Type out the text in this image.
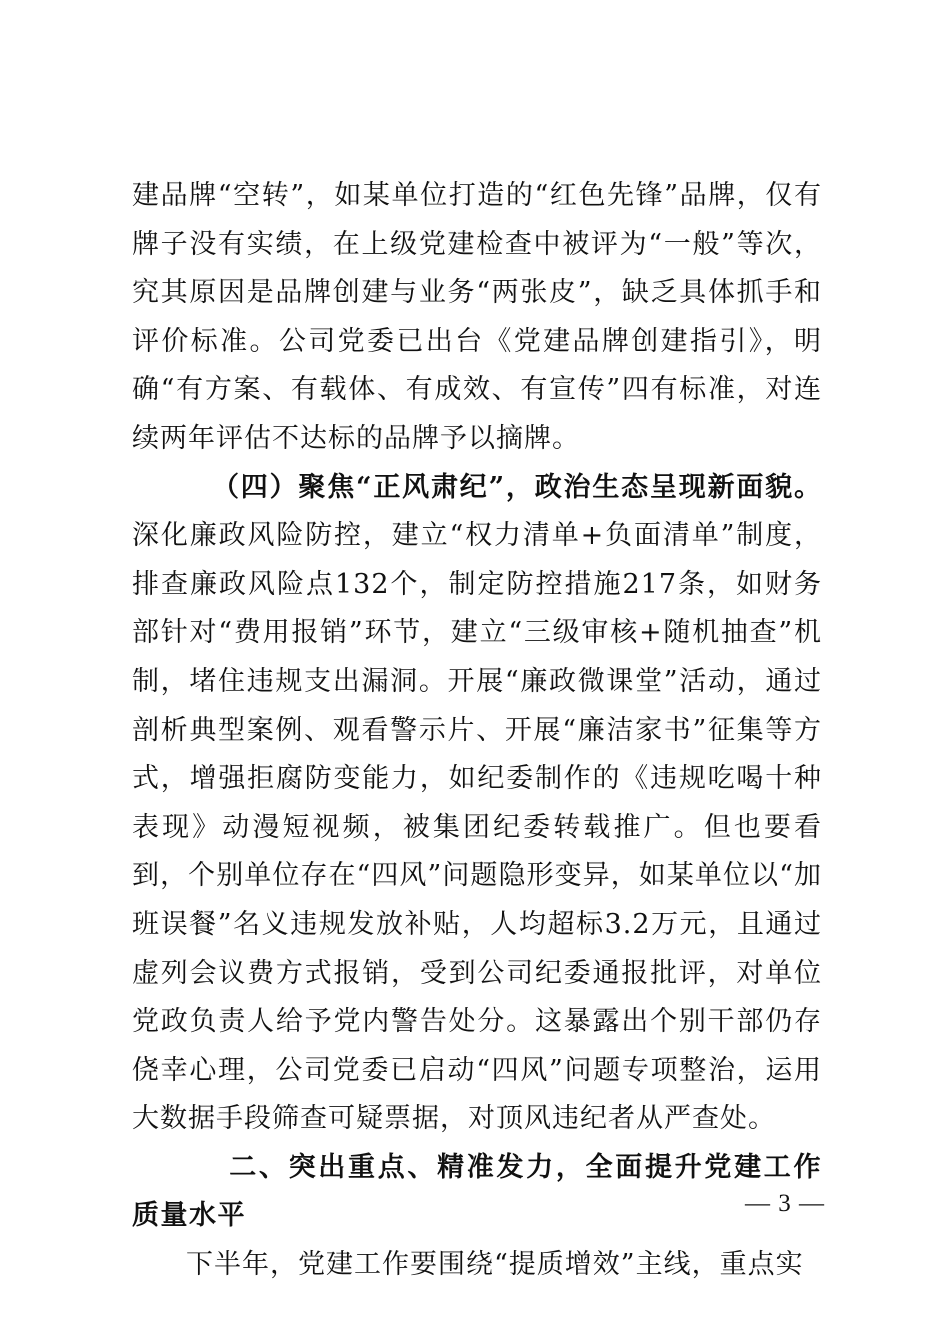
建品牌“空转”，如某单位打造的“红色先锋”品牌，仅有牌子没有实绩，在上级党建检查中被评为“一般”等次，究其原因是品牌创建与业务“两张皮”，缺乏具体抓手和评价标准。公司党委已出台《党建品牌创建指引》，明确“有方案、有载体、有成效、有宣传”四有标准，对连续两年评估不达标的品牌予以摘牌。

（四）聚焦“正风肃纪”，政治生态呈现新面貌。深化廉政风险防控，建立“权力清单+负面清单”制度，排查廉政风险点132个，制定防控措施217条，如财务部针对“费用报销”环节，建立“三级审核+随机抽查”机制，堵住违规支出漏洞。开展“廉政微课堂”活动，通过剖析典型案例、观看警示片、开展“廉洁家书”征集等方式，增强拒腐防变能力，如纪委制作的《违规吃喝十种表现》动漫短视频，被集团纪委转载推广。但也要看到，个别单位存在“四风”问题隐形变异，如某单位以“加班误餐”名义违规发放补贴，人均超标3.2万元，且通过虚列会议费方式报销，受到公司纪委通报批评，对单位党政负责人给予党内警告处分。这暴露出个别干部仍存侥幸心理，公司党委已启动“四风”问题专项整治，运用大数据手段筛查可疑票据，对顶风违纪者从严查处。

二、突出重点、精准发力，全面提升党建工作质量水平

下半年，党建工作要围绕“提质增效”主线，重点实

— 3 —
